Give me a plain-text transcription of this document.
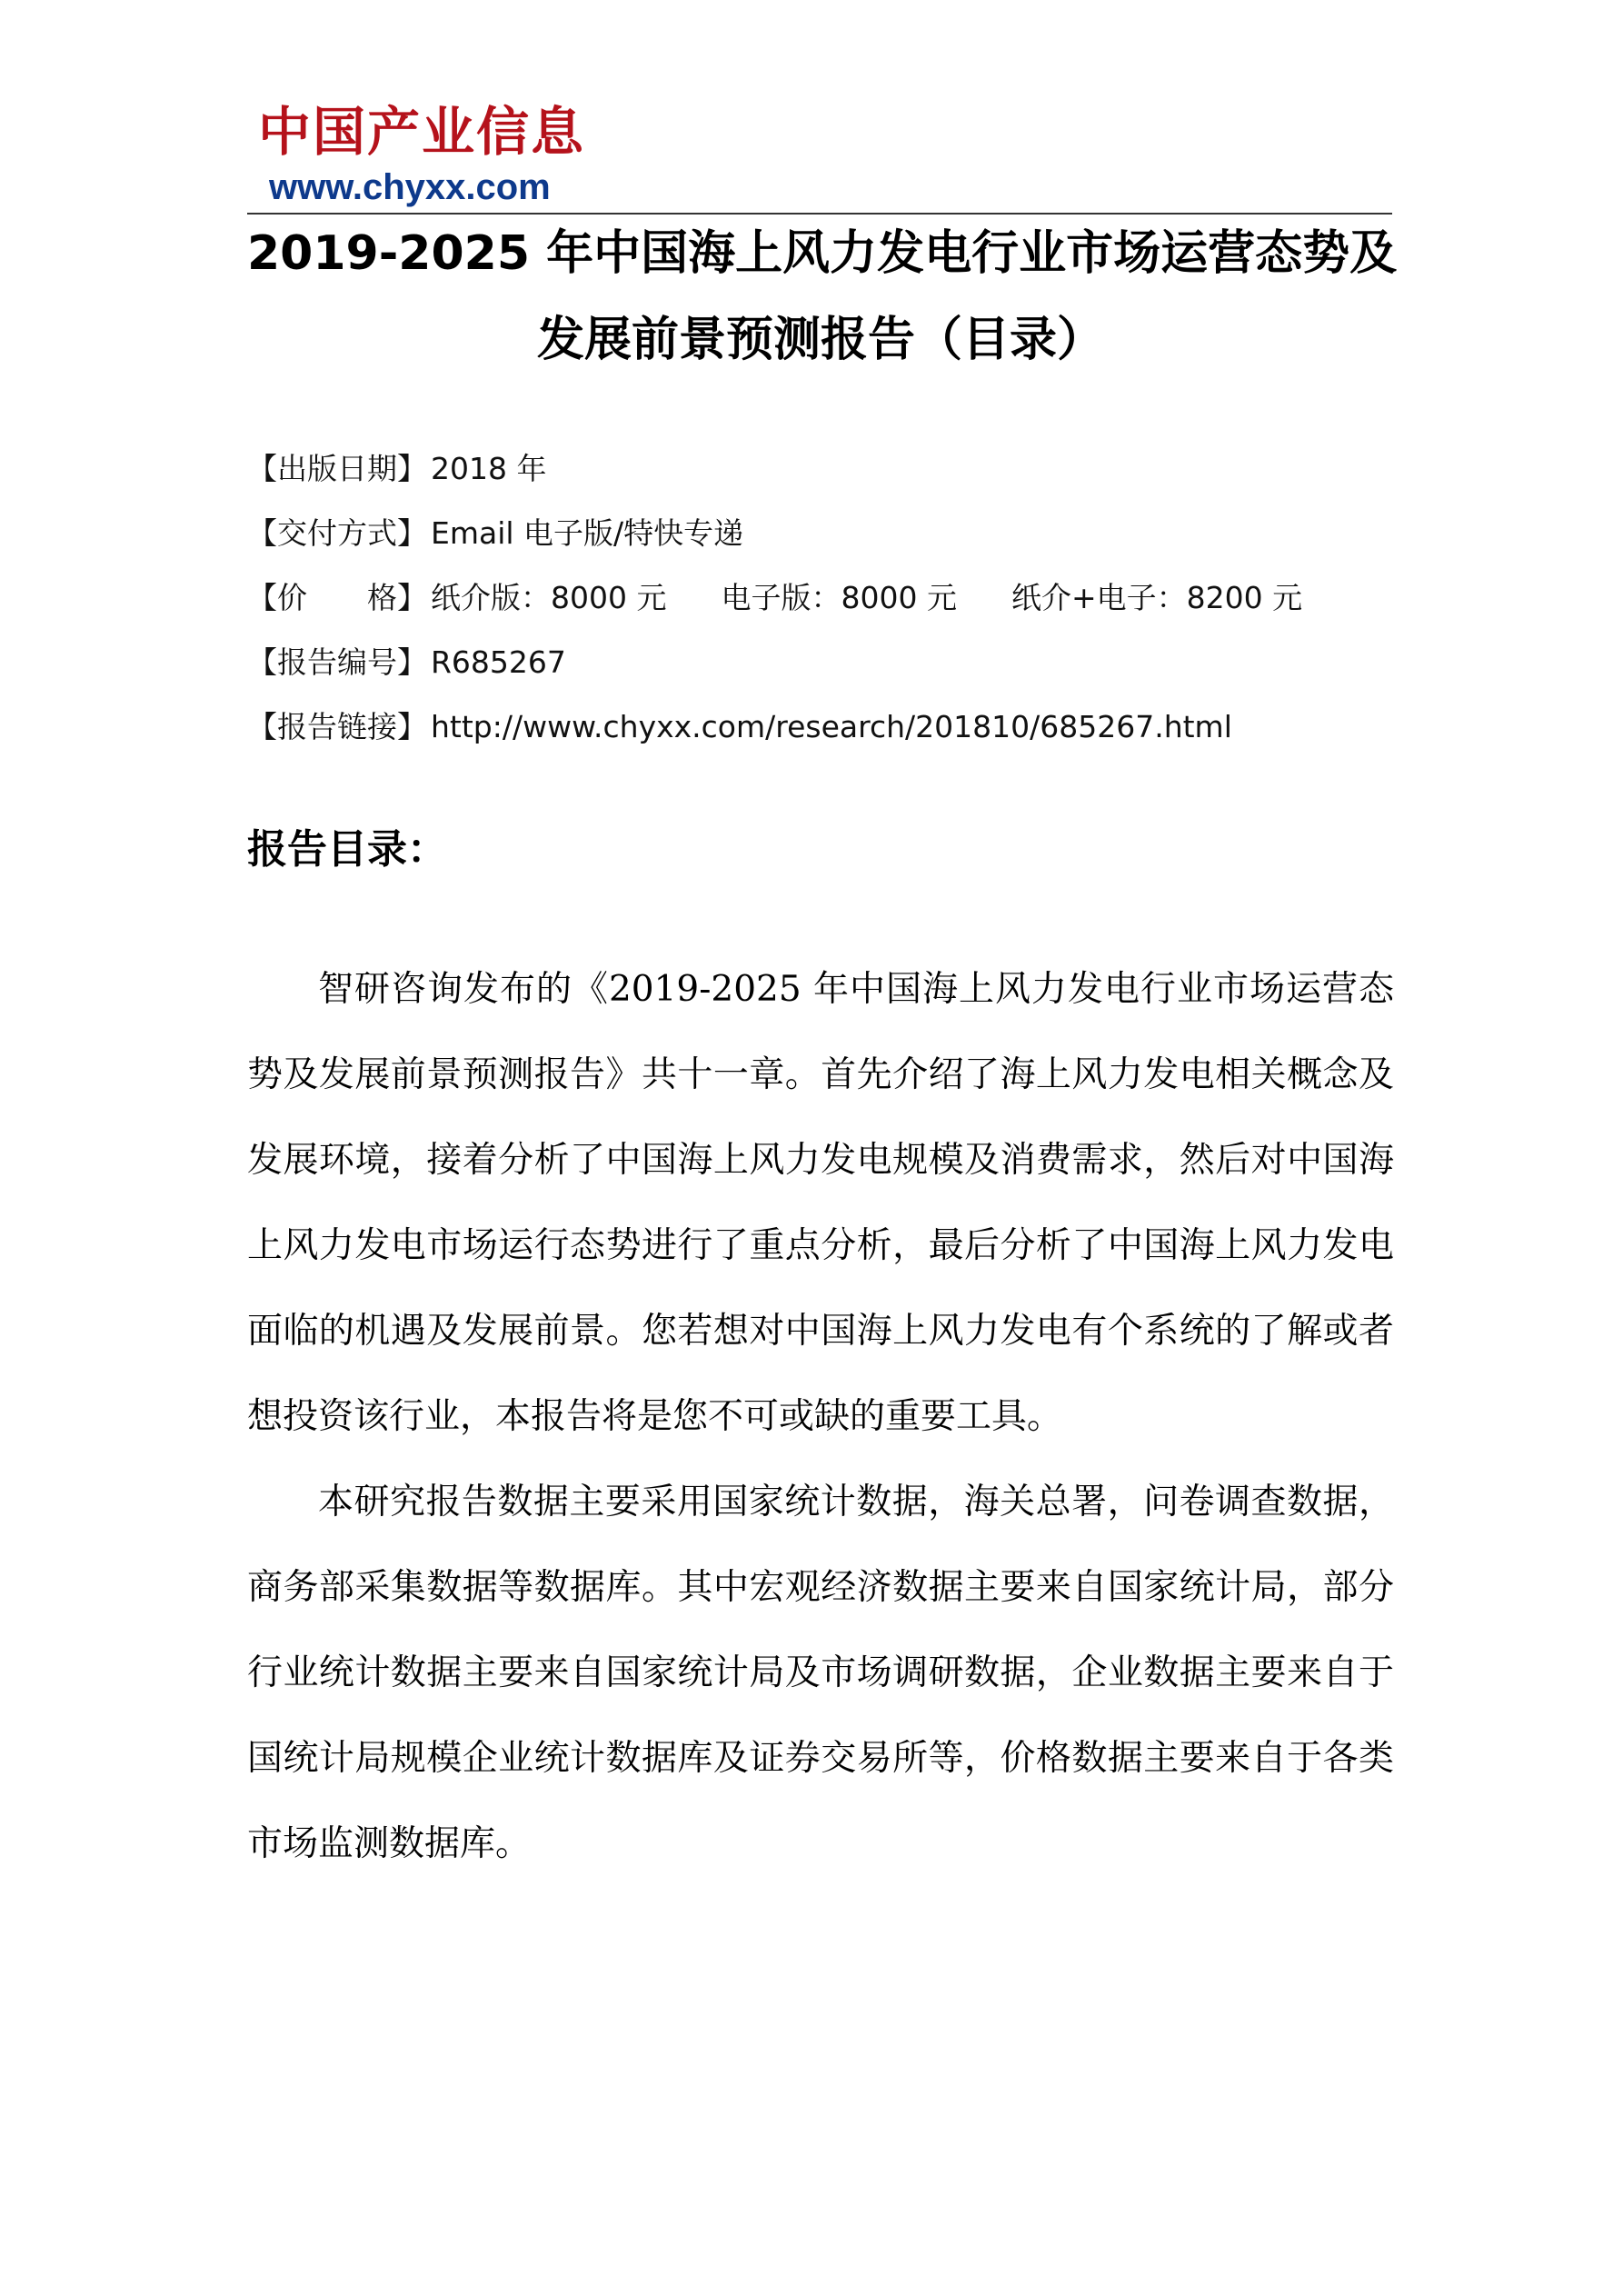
中国产业信息
www.chyxx.com
2019-2025 年中国海上风力发电行业市场运营态势及
发展前景预测报告（目录）
【出版日期】 2018 年
【交付方式】 Email 电子版/特快专递
【价　　格】 纸介版：8000 元 电子版：8000 元 纸介+电子：8200 元
【报告编号】 R685267
【报告链接】 http://www.chyxx.com/research/201810/685267.html
报告目录：

智研咨询发布的《2019-2025 年中国海上风力发电行业市场运营态势及发展前景预测报告》共十一章。首先介绍了海上风力发电相关概念及发展环境，接着分析了中国海上风力发电规模及消费需求，然后对中国海上风力发电市场运行态势进行了重点分析，最后分析了中国海上风力发电面临的机遇及发展前景。您若想对中国海上风力发电有个系统的了解或者想投资该行业，本报告将是您不可或缺的重要工具。

本研究报告数据主要采用国家统计数据，海关总署，问卷调查数据，商务部采集数据等数据库。其中宏观经济数据主要来自国家统计局，部分行业统计数据主要来自国家统计局及市场调研数据，企业数据主要来自于国统计局规模企业统计数据库及证券交易所等，价格数据主要来自于各类市场监测数据库。
